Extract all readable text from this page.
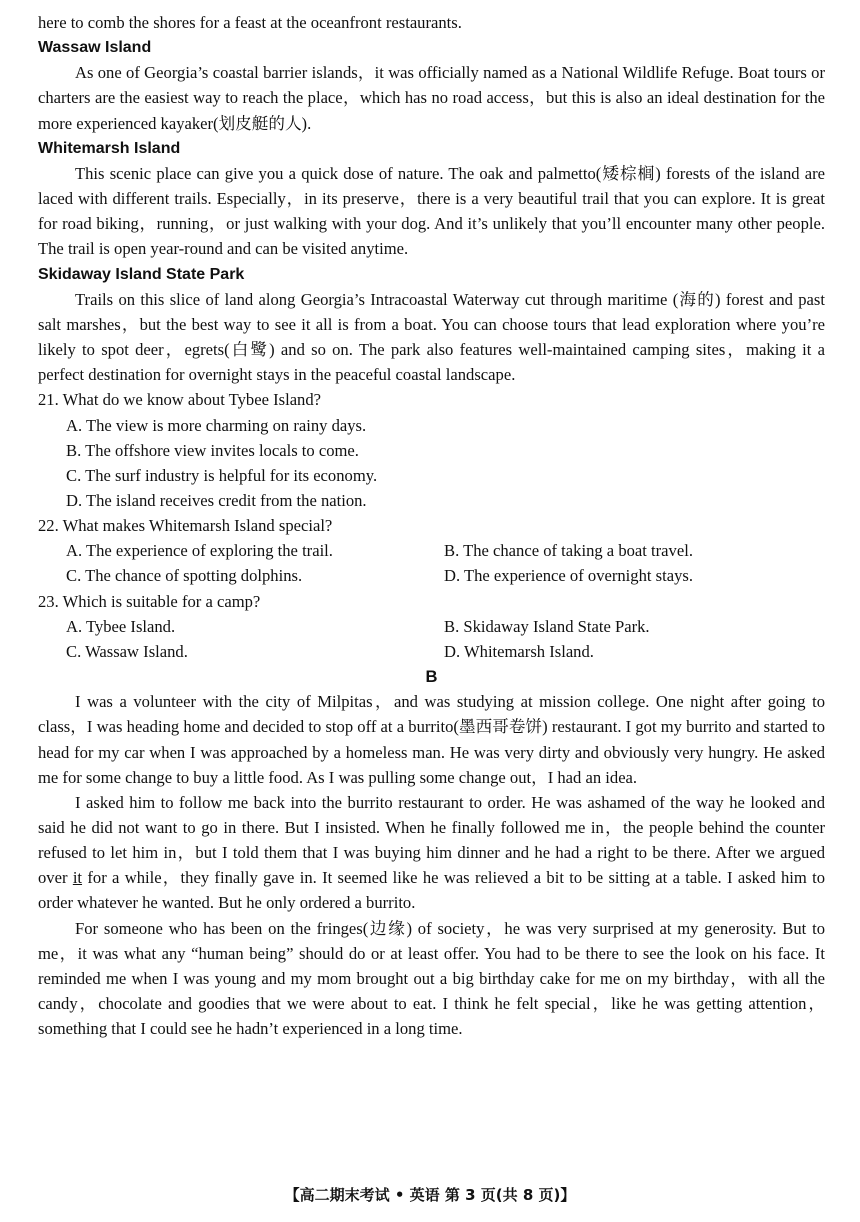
here to comb the shores for a feast at the oceanfront restaurants.

Wassaw Island

As one of Georgia’s coastal barrier islands，it was officially named as a National Wildlife Refuge. Boat tours or charters are the easiest way to reach the place，which has no road access，but this is also an ideal destination for the more experienced kayaker(划皮艇的人).

Whitemarsh Island

This scenic place can give you a quick dose of nature. The oak and palmetto(矮棕榈) forests of the island are laced with different trails. Especially，in its preserve，there is a very beautiful trail that you can explore. It is great for road biking，running，or just walking with your dog. And it’s unlikely that you’ll encounter many other people. The trail is open year-round and can be visited anytime.

Skidaway Island State Park

Trails on this slice of land along Georgia’s Intracoastal Waterway cut through maritime (海的) forest and past salt marshes，but the best way to see it all is from a boat. You can choose tours that lead exploration where you’re likely to spot deer，egrets(白鹭) and so on. The park also features well-maintained camping sites，making it a perfect destination for overnight stays in the peaceful coastal landscape.

21. What do we know about Tybee Island?

A. The view is more charming on rainy days.

B. The offshore view invites locals to come.

C. The surf industry is helpful for its economy.

D. The island receives credit from the nation.

22. What makes Whitemarsh Island special?

A. The experience of exploring the trail.	B. The chance of taking a boat travel.
C. The chance of spotting dolphins.	D. The experience of overnight stays.

23. Which is suitable for a camp?

A. Tybee Island.	B. Skidaway Island State Park.
C. Wassaw Island.	D. Whitemarsh Island.

B

I was a volunteer with the city of Milpitas，and was studying at mission college. One night after going to class，I was heading home and decided to stop off at a burrito(墨西哥卷饼) restaurant. I got my burrito and started to head for my car when I was approached by a homeless man. He was very dirty and obviously very hungry. He asked me for some change to buy a little food. As I was pulling some change out，I had an idea.

I asked him to follow me back into the burrito restaurant to order. He was ashamed of the way he looked and said he did not want to go in there. But I insisted. When he finally followed me in，the people behind the counter refused to let him in，but I told them that I was buying him dinner and he had a right to be there. After we argued over it for a while，they finally gave in. It seemed like he was relieved a bit to be sitting at a table. I asked him to order whatever he wanted. But he only ordered a burrito.

For someone who has been on the fringes(边缘) of society，he was very surprised at my generosity. But to me，it was what any “human being” should do or at least offer. You had to be there to see the look on his face. It reminded me when I was young and my mom brought out a big birthday cake for me on my birthday，with all the candy，chocolate and goodies that we were about to eat. I think he felt special，like he was getting attention，something that I could see he hadn’t experienced in a long time.

【高二期末考试 • 英语 第 3 页(共 8 页)】
